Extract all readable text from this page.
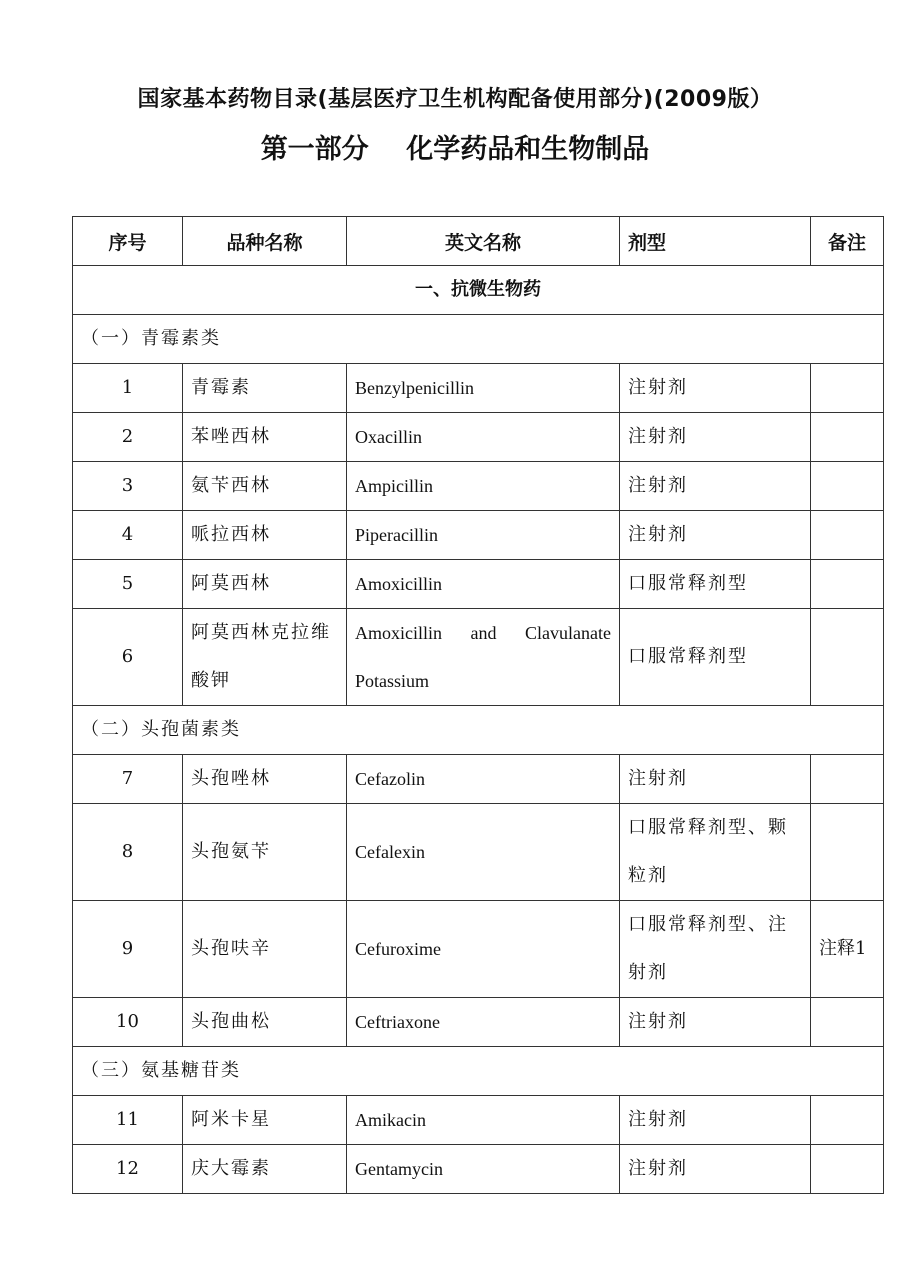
国家基本药物目录(基层医疗卫生机构配备使用部分)(2009版）
第一部分    化学药品和生物制品
序号	品种名称	英文名称	剂型	备注
一、抗微生物药				
（一）青霉素类				
1	青霉素	Benzylpenicillin	注射剂	
2	苯唑西林	Oxacillin	注射剂	
3	氨苄西林	Ampicillin	注射剂	
4	哌拉西林	Piperacillin	注射剂	
5	阿莫西林	Amoxicillin	口服常释剂型	
6	阿莫西林克拉维酸钾	Amoxicillin and Clavulanate Potassium	口服常释剂型	
（二）头孢菌素类				
7	头孢唑林	Cefazolin	注射剂	
8	头孢氨苄	Cefalexin	口服常释剂型、颗粒剂	
9	头孢呋辛	Cefuroxime	口服常释剂型、注射剂	注释1
10	头孢曲松	Ceftriaxone	注射剂	
（三）氨基糖苷类				
11	阿米卡星	Amikacin	注射剂	
12	庆大霉素	Gentamycin	注射剂	
